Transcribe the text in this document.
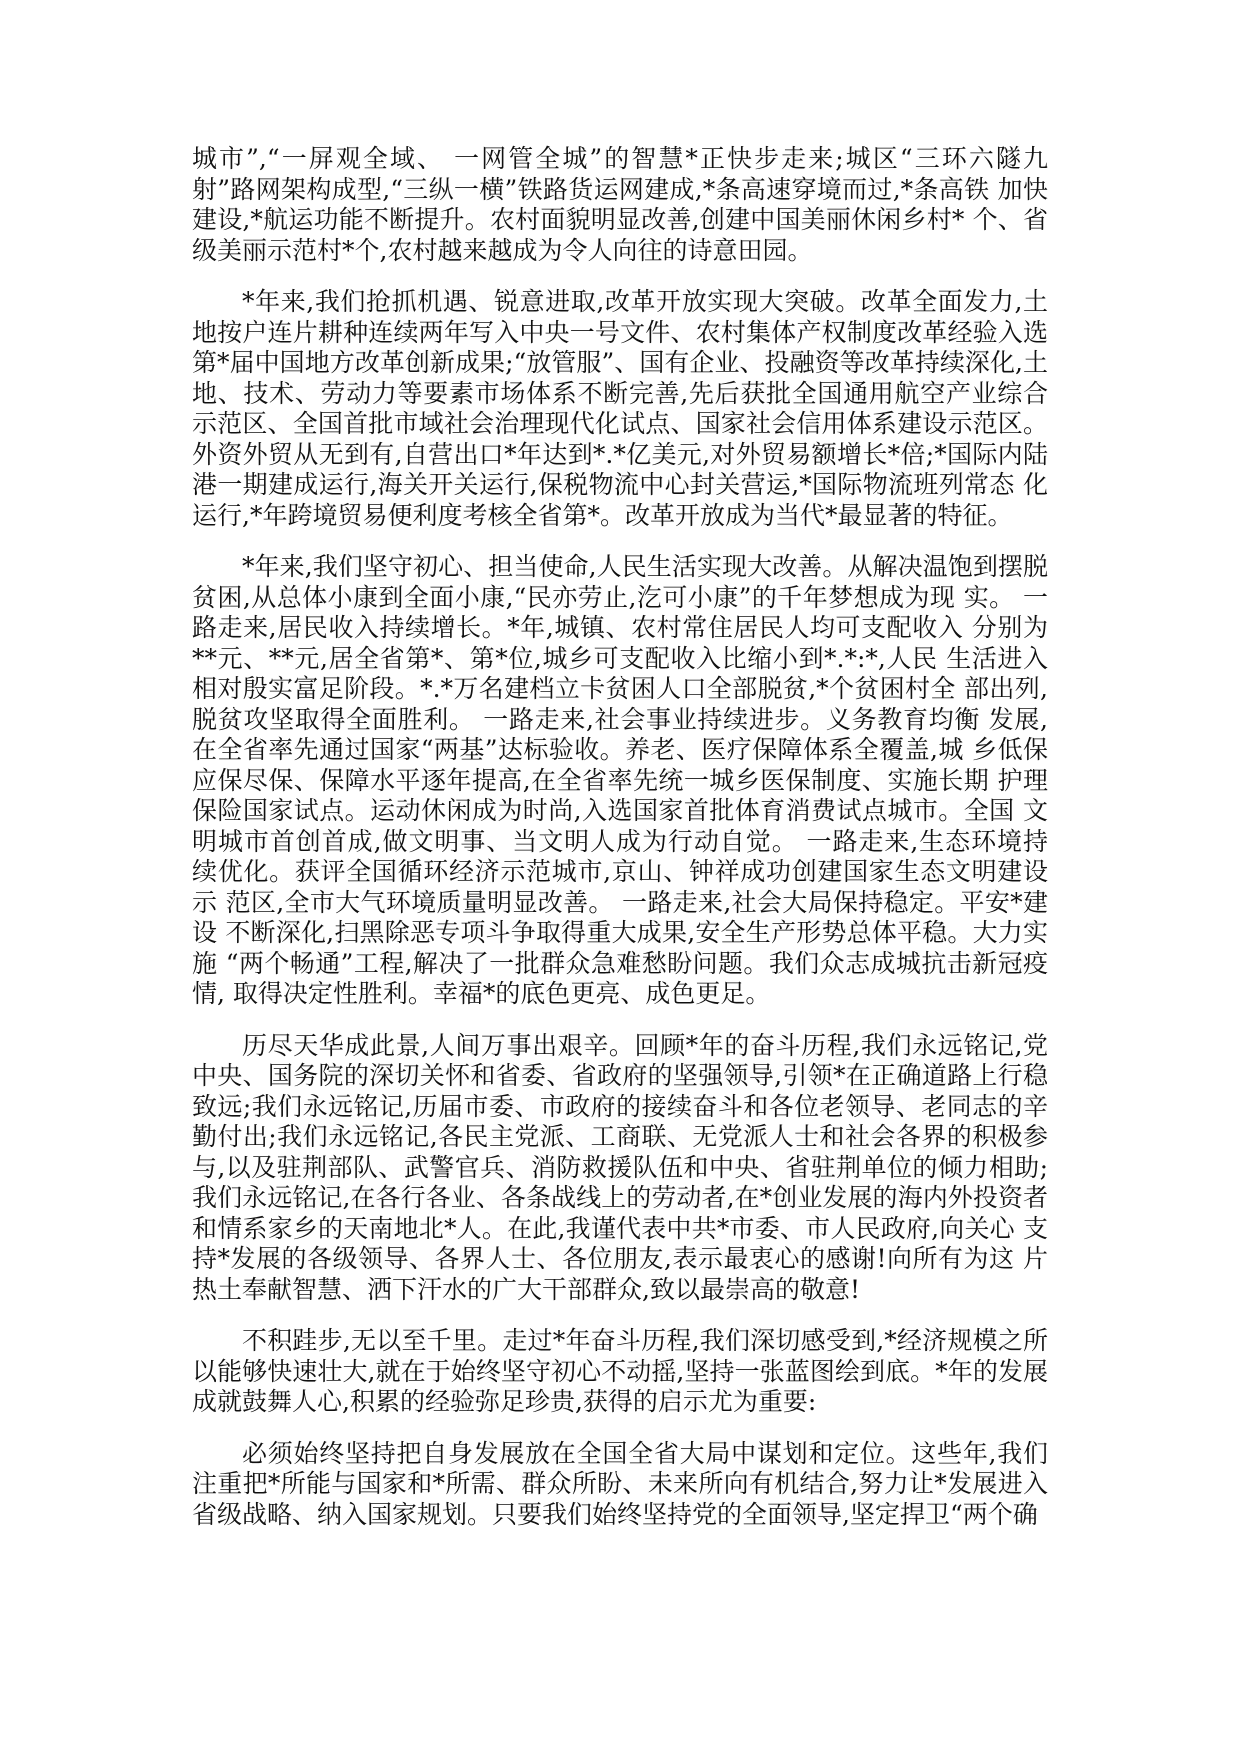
城市”,“一屏观全域、 一网管全城”的智慧*正快步走来;城区“三环六隧九 射”路网架构成型,“三纵一横”铁路货运网建成,*条高速穿境而过,*条高铁 加快建设,*航运功能不断提升。农村面貌明显改善,创建中国美丽休闲乡村* 个、省级美丽示范村*个,农村越来越成为令人向往的诗意田园。

*年来,我们抢抓机遇、锐意进取,改革开放实现大突破。改革全面发力,土地按户连片耕种连续两年写入中央一号文件、农村集体产权制度改革经验入选第*届中国地方改革创新成果;“放管服”、国有企业、投融资等改革持续深化,土地、技术、劳动力等要素市场体系不断完善,先后获批全国通用航空产业综合示范区、全国首批市域社会治理现代化试点、国家社会信用体系建设示范区。外资外贸从无到有,自营出口*年达到*.*亿美元,对外贸易额增长*倍;*国际内陆 港一期建成运行,海关开关运行,保税物流中心封关营运,*国际物流班列常态 化运行,*年跨境贸易便利度考核全省第*。改革开放成为当代*最显著的特征。

*年来,我们坚守初心、担当使命,人民生活实现大改善。从解决温饱到摆脱贫困,从总体小康到全面小康,“民亦劳止,汔可小康”的千年梦想成为现 实。 一路走来,居民收入持续增长。*年,城镇、农村常住居民人均可支配收入 分别为**元、**元,居全省第*、第*位,城乡可支配收入比缩小到*.*:*,人民 生活进入相对殷实富足阶段。*.*万名建档立卡贫困人口全部脱贫,*个贫困村全 部出列,脱贫攻坚取得全面胜利。 一路走来,社会事业持续进步。义务教育均衡 发展,在全省率先通过国家“两基”达标验收。养老、医疗保障体系全覆盖,城 乡低保应保尽保、保障水平逐年提高,在全省率先统一城乡医保制度、实施长期 护理保险国家试点。运动休闲成为时尚,入选国家首批体育消费试点城市。全国 文明城市首创首成,做文明事、当文明人成为行动自觉。 一路走来,生态环境持 续优化。获评全国循环经济示范城市,京山、钟祥成功创建国家生态文明建设示 范区,全市大气环境质量明显改善。 一路走来,社会大局保持稳定。平安*建设 不断深化,扫黑除恶专项斗争取得重大成果,安全生产形势总体平稳。大力实施 “两个畅通”工程,解决了一批群众急难愁盼问题。我们众志成城抗击新冠疫情, 取得决定性胜利。幸福*的底色更亮、成色更足。

历尽天华成此景,人间万事出艰辛。回顾*年的奋斗历程,我们永远铭记,党中央、国务院的深切关怀和省委、省政府的坚强领导,引领*在正确道路上行稳致远;我们永远铭记,历届市委、市政府的接续奋斗和各位老领导、老同志的辛勤付出;我们永远铭记,各民主党派、工商联、无党派人士和社会各界的积极参与,以及驻荆部队、武警官兵、消防救援队伍和中央、省驻荆单位的倾力相助;我们永远铭记,在各行各业、各条战线上的劳动者,在*创业发展的海内外投资者和情系家乡的天南地北*人。在此,我谨代表中共*市委、市人民政府,向关心 支持*发展的各级领导、各界人士、各位朋友,表示最衷心的感谢!向所有为这 片热土奉献智慧、洒下汗水的广大干部群众,致以最崇高的敬意!

不积跬步,无以至千里。走过*年奋斗历程,我们深切感受到,*经济规模之所以能够快速壮大,就在于始终坚守初心不动摇,坚持一张蓝图绘到底。*年的发展成就鼓舞人心,积累的经验弥足珍贵,获得的启示尤为重要:

必须始终坚持把自身发展放在全国全省大局中谋划和定位。这些年,我们 注重把*所能与国家和*所需、群众所盼、未来所向有机结合,努力让*发展进入 省级战略、纳入国家规划。只要我们始终坚持党的全面领导,坚定捍卫“两个确
